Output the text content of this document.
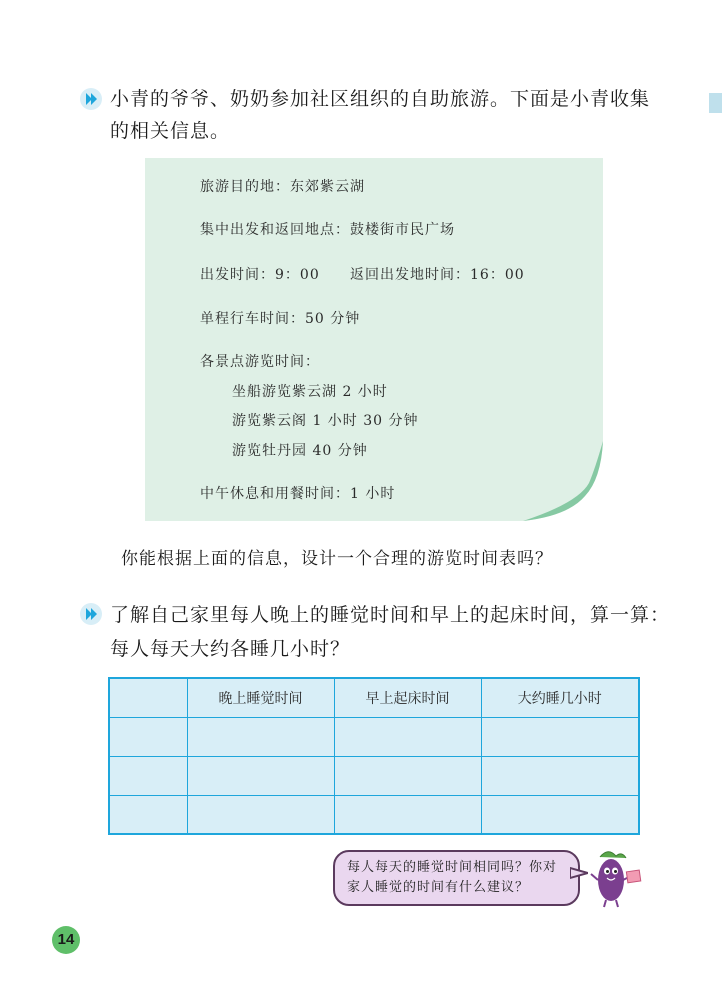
小青的爷爷、奶奶参加社区组织的自助旅游。下面是小青收集
的相关信息。
旅游目的地：东郊紫云湖
集中出发和返回地点：鼓楼街市民广场
出发时间：9：00 返回出发地时间：16：00
单程行车时间：50 分钟
各景点游览时间：
坐船游览紫云湖 2 小时
游览紫云阁 1 小时 30 分钟
游览牡丹园 40 分钟
中午休息和用餐时间：1 小时
你能根据上面的信息，设计一个合理的游览时间表吗？
了解自己家里每人晚上的睡觉时间和早上的起床时间，算一算：
每人每天大约各睡几小时？
	晚上睡觉时间	早上起床时间	大约睡几小时

每人每天的睡觉时间相同吗？你对
家人睡觉的时间有什么建议？
14
